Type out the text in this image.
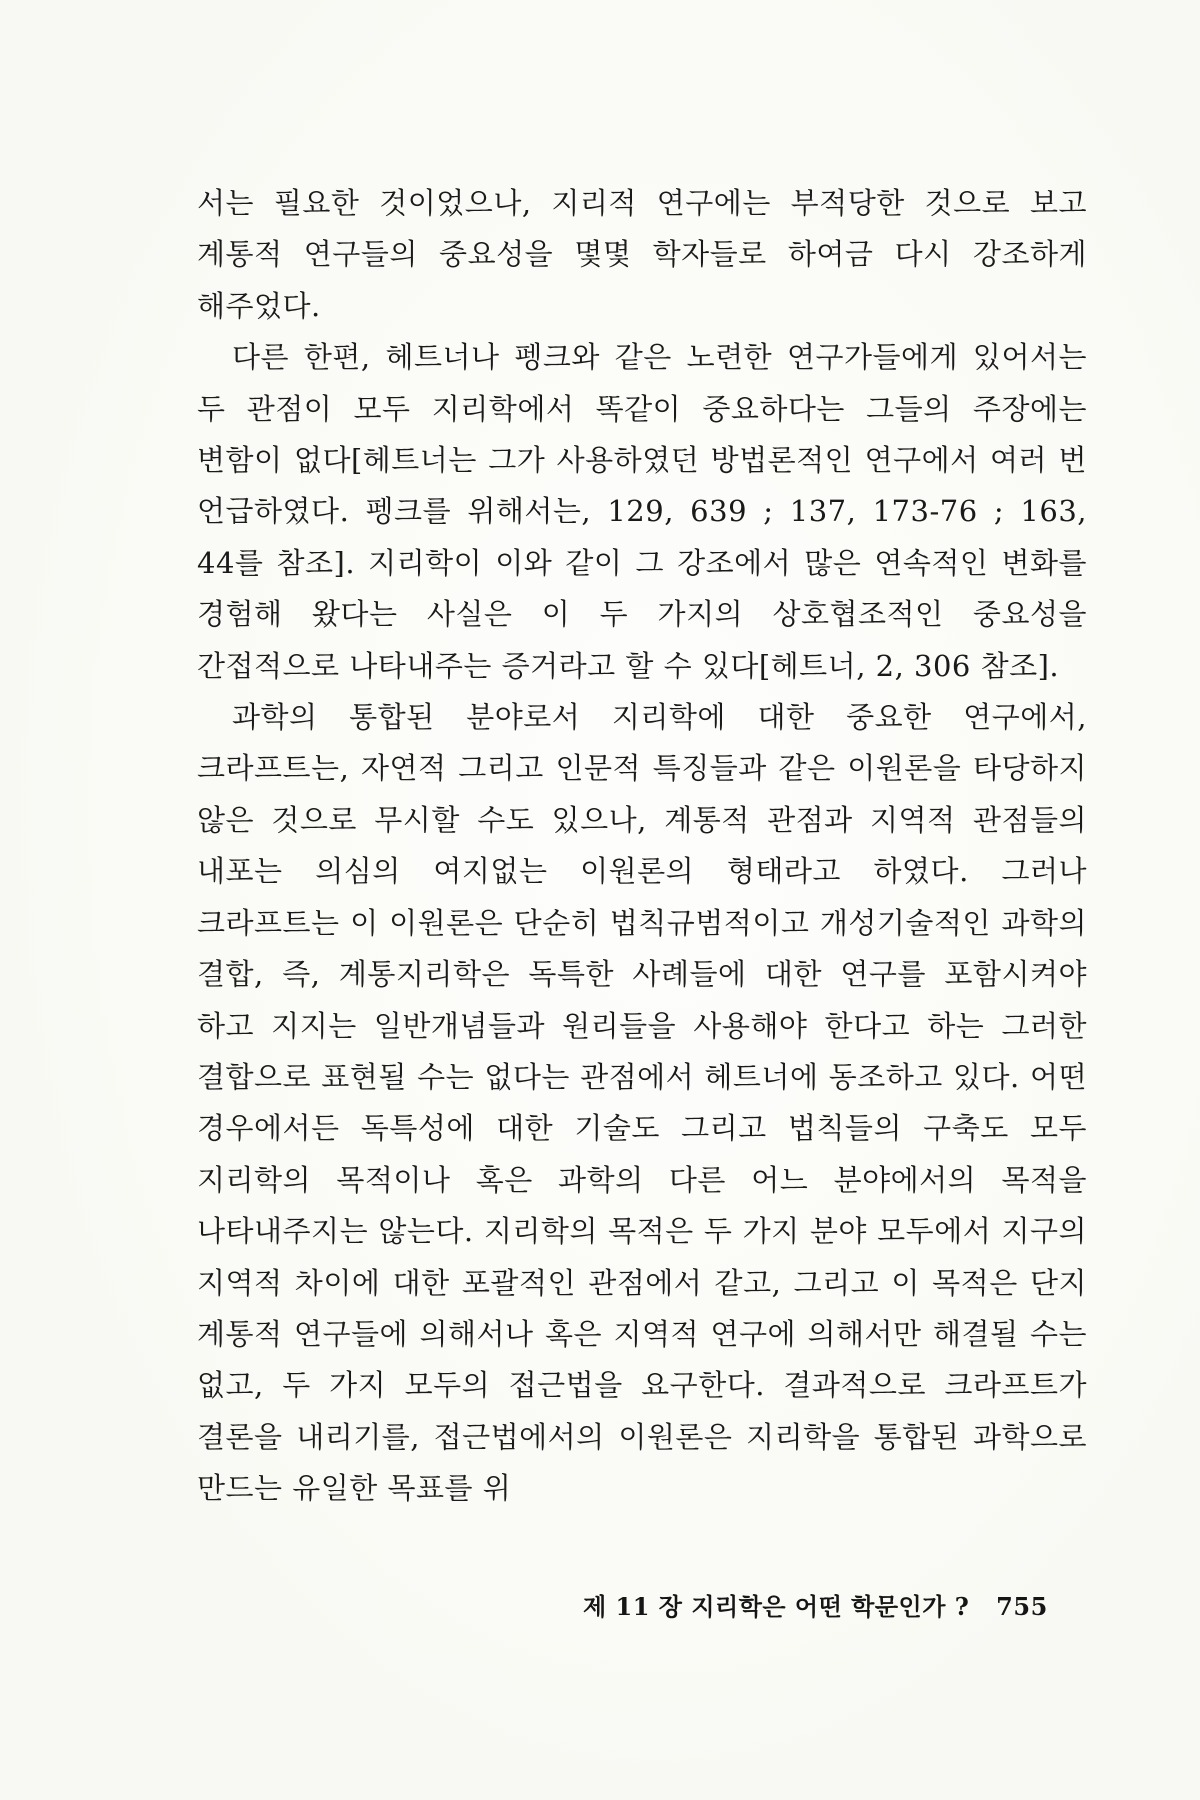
서는 필요한 것이었으나, 지리적 연구에는 부적당한 것으로 보고 계통적 연구들의 중요성을 몇몇 학자들로 하여금 다시 강조하게 해주었다.

다른 한편, 헤트너나 펭크와 같은 노련한 연구가들에게 있어서는 두 관점이 모두 지리학에서 똑같이 중요하다는 그들의 주장에는 변함이 없다[헤트너는 그가 사용하였던 방법론적인 연구에서 여러 번 언급하였다. 펭크를 위해서는, 129, 639 ; 137, 173-76 ; 163, 44를 참조]. 지리학이 이와 같이 그 강조에서 많은 연속적인 변화를 경험해 왔다는 사실은 이 두 가지의 상호협조적인 중요성을 간접적으로 나타내주는 증거라고 할 수 있다[헤트너, 2, 306 참조].

과학의 통합된 분야로서 지리학에 대한 중요한 연구에서, 크라프트는, 자연적 그리고 인문적 특징들과 같은 이원론을 타당하지 않은 것으로 무시할 수도 있으나, 계통적 관점과 지역적 관점들의 내포는 의심의 여지없는 이원론의 형태라고 하였다. 그러나 크라프트는 이 이원론은 단순히 법칙규범적이고 개성기술적인 과학의 결합, 즉, 계통지리학은 독특한 사례들에 대한 연구를 포함시켜야 하고 지지는 일반개념들과 원리들을 사용해야 한다고 하는 그러한 결합으로 표현될 수는 없다는 관점에서 헤트너에 동조하고 있다. 어떤 경우에서든 독특성에 대한 기술도 그리고 법칙들의 구축도 모두 지리학의 목적이나 혹은 과학의 다른 어느 분야에서의 목적을 나타내주지는 않는다. 지리학의 목적은 두 가지 분야 모두에서 지구의 지역적 차이에 대한 포괄적인 관점에서 같고, 그리고 이 목적은 단지 계통적 연구들에 의해서나 혹은 지역적 연구에 의해서만 해결될 수는 없고, 두 가지 모두의 접근법을 요구한다. 결과적으로 크라프트가 결론을 내리기를, 접근법에서의 이원론은 지리학을 통합된 과학으로 만드는 유일한 목표를 위

제 11 장 지리학은 어떤 학문인가 ? 755
